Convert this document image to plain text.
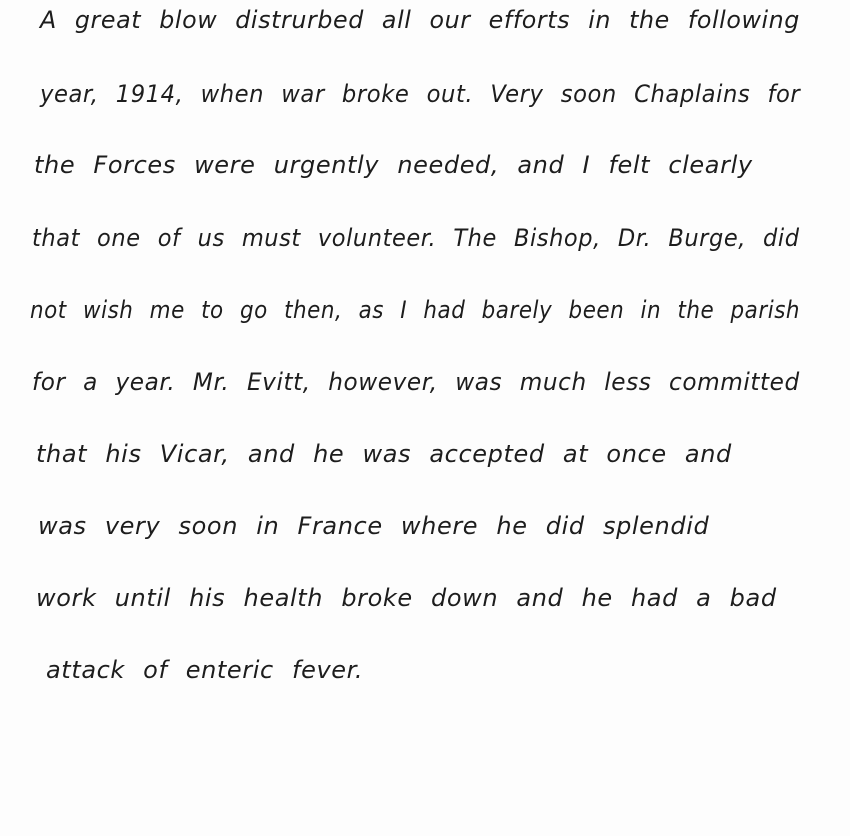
A great blow distrurbed all our efforts in the following
year, 1914, when war broke out. Very soon Chaplains for
the Forces were urgently needed, and I felt clearly
that one of us must volunteer. The Bishop, Dr. Burge, did
not wish me to go then, as I had barely been in the parish
for a year. Mr. Evitt, however, was much less committed
that his Vicar, and he was accepted at once and
was very soon in France where he did splendid
work until his health broke down and he had a bad
attack of enteric fever.
